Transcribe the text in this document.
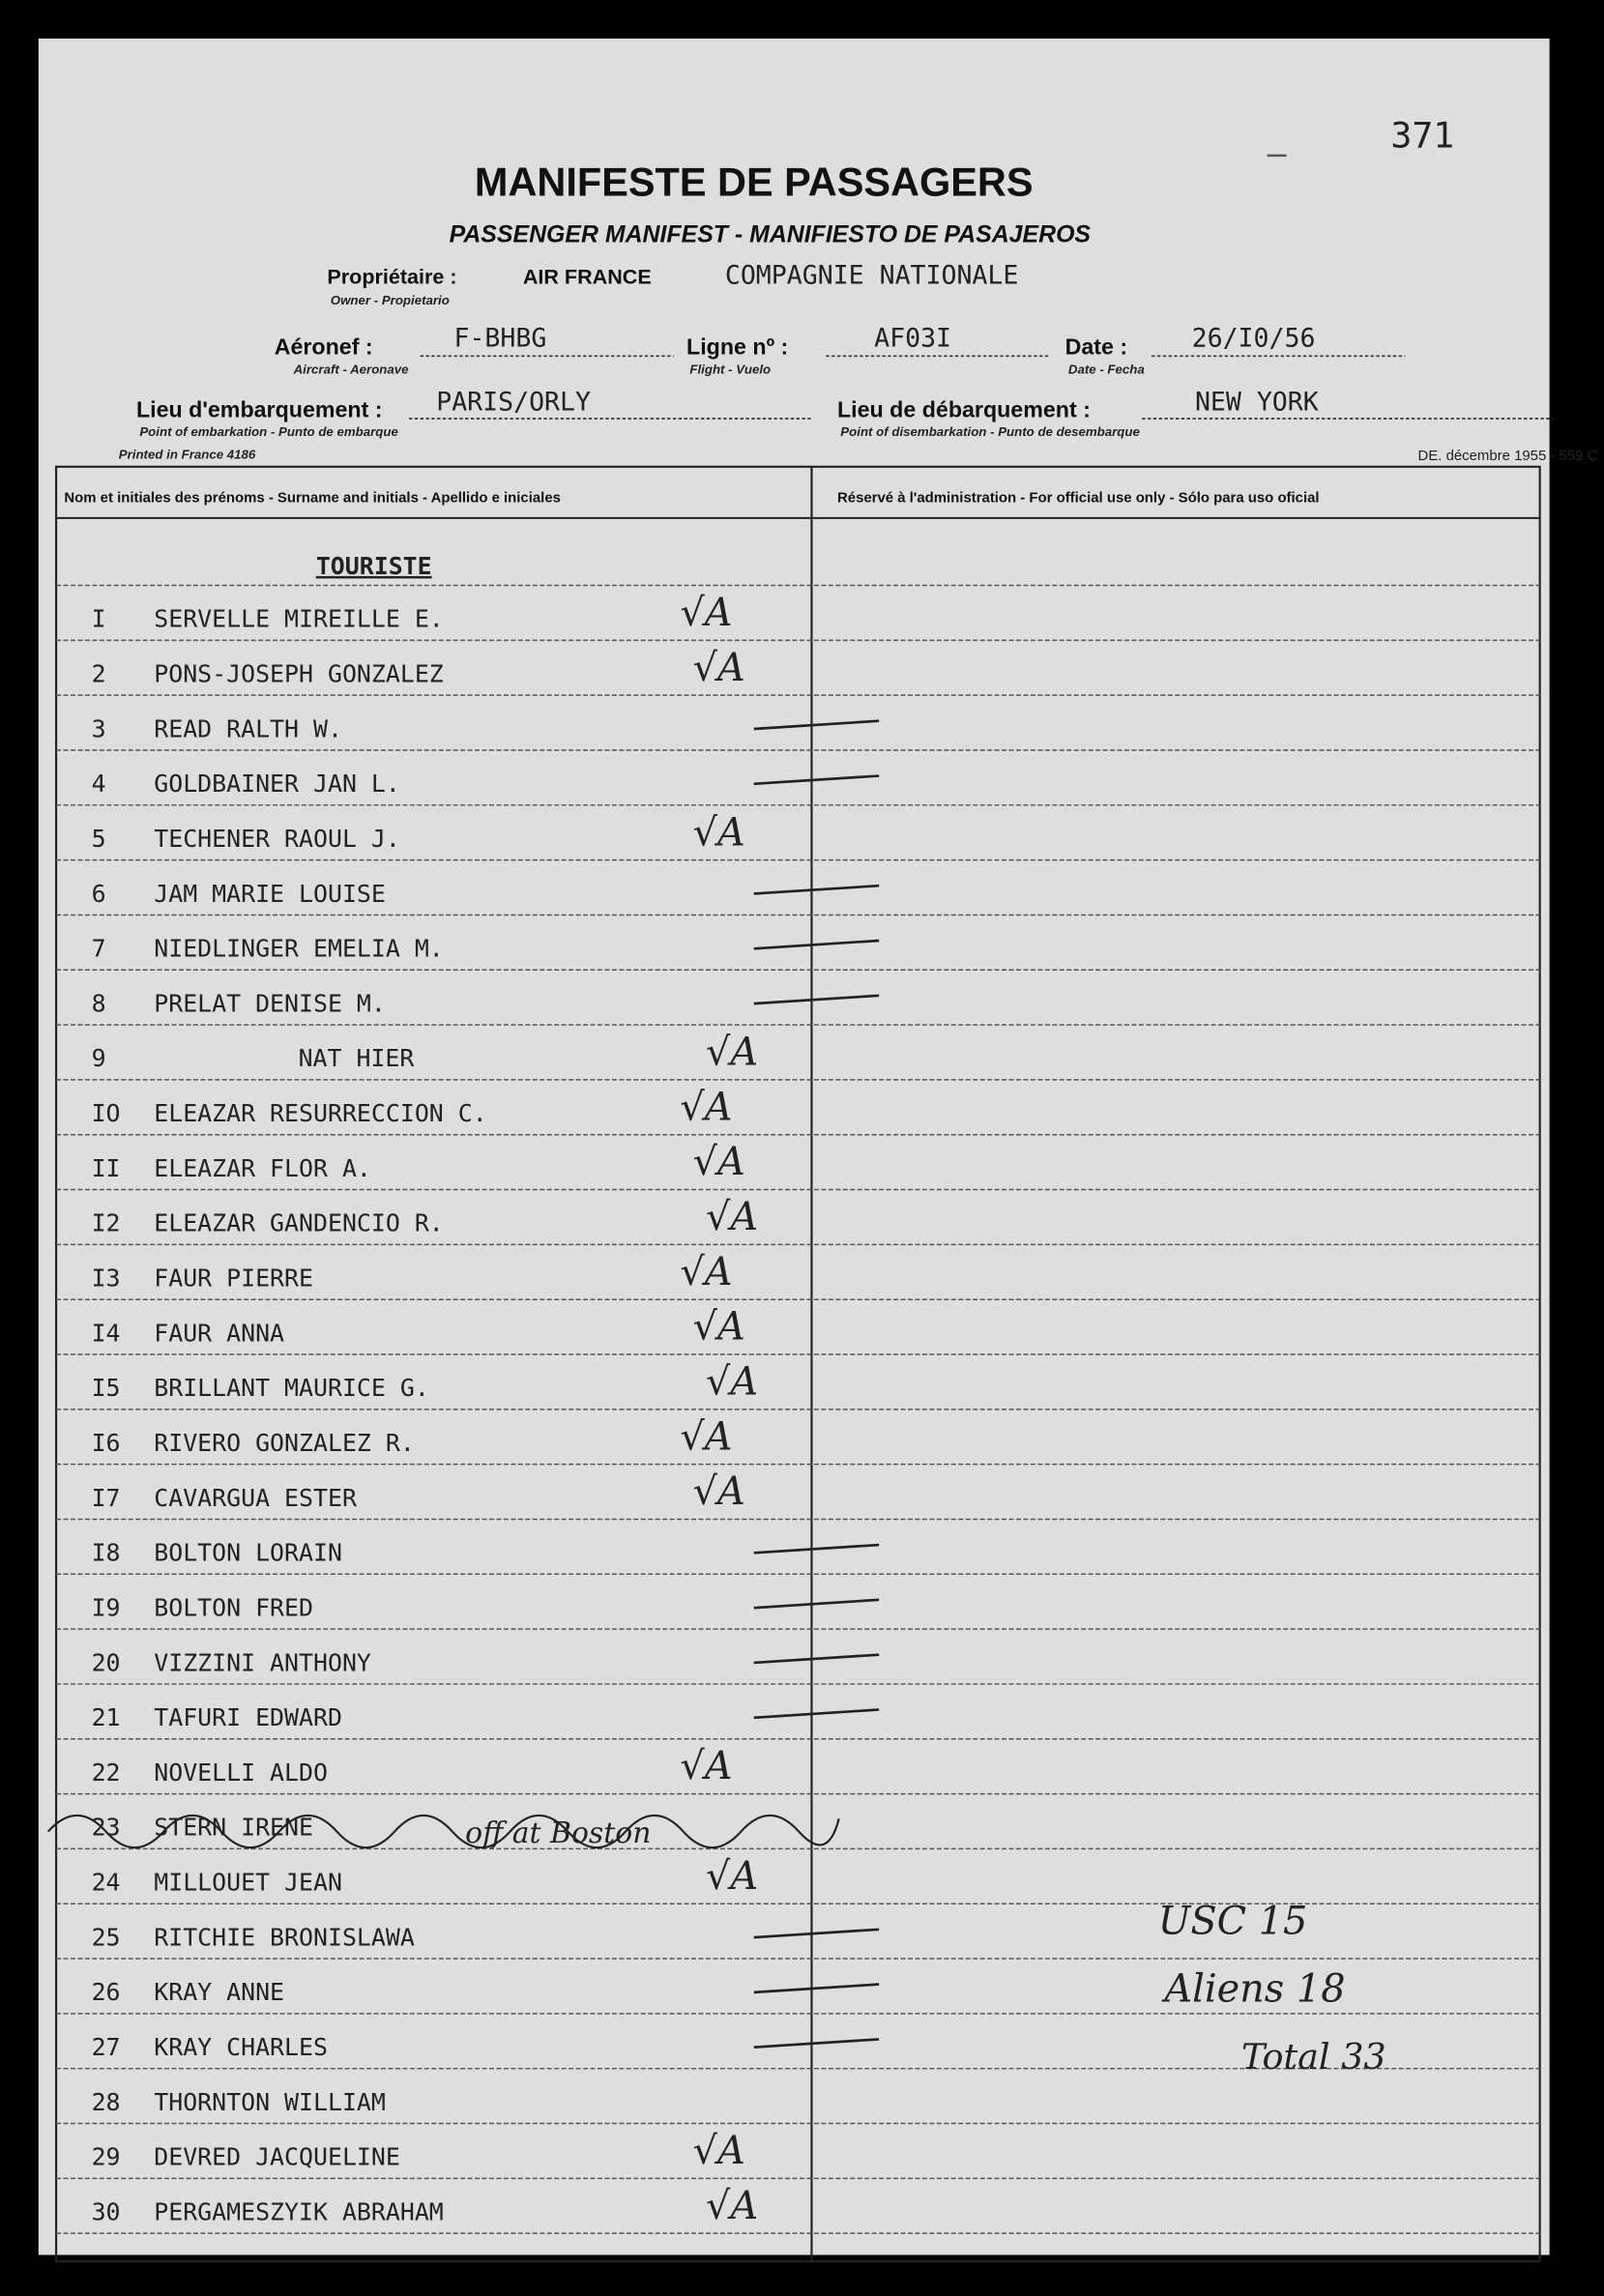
371
MANIFESTE DE PASSAGERS
PASSENGER MANIFEST - MANIFIESTO DE PASAJEROS
Propriétaire :	AIR FRANCE	COMPAGNIE NATIONALE
Owner - Propietario
Aéronef :	F-BHBG
Aircraft - Aeronave
Ligne nº :	AF03I
Flight - Vuelo
Date :	26/I0/56
Date - Fecha
Lieu d'embarquement :	PARIS/ORLY
Point of embarkation - Punto de embarque
Lieu de débarquement :	NEW YORK
Point of disembarkation - Punto de desembarque
Printed in France 4186	DE. décembre 1955 - 559 C
Nom et initiales des prénoms - Surname and initials - Apellido e iniciales	Réservé à l'administration - For official use only - Sólo para uso oficial
TOURISTE
I	SERVELLE MIREILLE E.	√A
2	PONS-JOSEPH GONZALEZ	√A
3	READ RALTH W.
4	GOLDBAINER JAN L.
5	TECHENER RAOUL J.	√A
6	JAM MARIE LOUISE
7	NIEDLINGER EMELIA M.
8	PRELAT DENISE M.
9	NAT HIER	√A
IO ELEAZAR RESURRECCION C.	√A
II ELEAZAR FLOR A.	√A
I2 ELEAZAR GANDENCIO R.	√A
I3 FAUR PIERRE	√A
I4 FAUR ANNA	√A
I5 BRILLANT MAURICE G.	√A
I6 RIVERO GONZALEZ R.	√A
I7 CAVARGUA ESTER	√A
I8 BOLTON LORAIN
I9 BOLTON FRED
20 VIZZINI ANTHONY
21 TAFURI EDWARD
22 NOVELLI ALDO	√A
23 STERN IRENE
24 MILLOUET JEAN	√A
25 RITCHIE BRONISLAWA
26 KRAY ANNE
27 KRAY CHARLES
28 THORNTON WILLIAM
29 DEVRED JACQUELINE	√A
30 PERGAMESZYIK ABRAHAM	√A
off at Boston
USC 15
Aliens 18
Total 33
